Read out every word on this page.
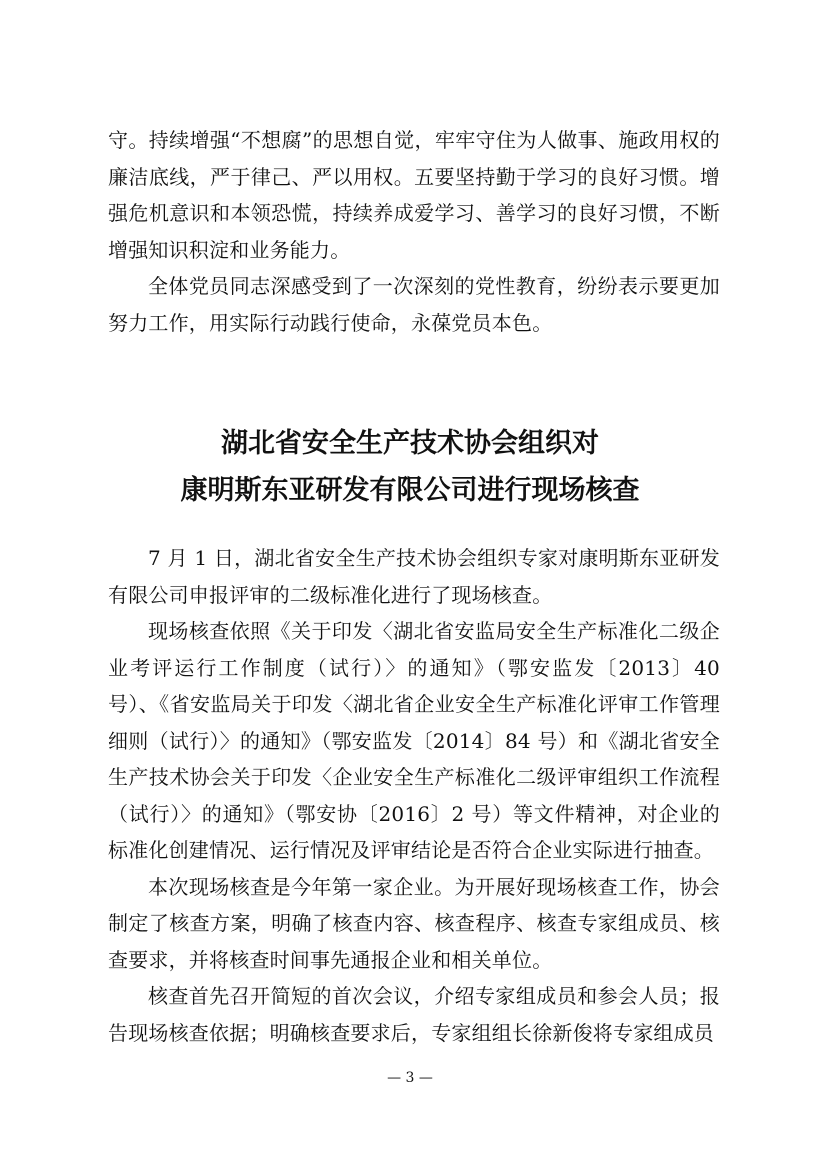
守。持续增强“不想腐”的思想自觉，牢牢守住为人做事、施政用权的廉洁底线，严于律己、严以用权。五要坚持勤于学习的良好习惯。增强危机意识和本领恐慌，持续养成爱学习、善学习的良好习惯，不断增强知识积淀和业务能力。

全体党员同志深感受到了一次深刻的党性教育，纷纷表示要更加努力工作，用实际行动践行使命，永葆党员本色。

湖北省安全生产技术协会组织对
康明斯东亚研发有限公司进行现场核查

7 月 1 日，湖北省安全生产技术协会组织专家对康明斯东亚研发有限公司申报评审的二级标准化进行了现场核查。

现场核查依照《关于印发〈湖北省安监局安全生产标准化二级企业考评运行工作制度（试行）〉的通知》（鄂安监发〔2013〕40 号）、《省安监局关于印发〈湖北省企业安全生产标准化评审工作管理细则（试行）〉的通知》（鄂安监发〔2014〕84 号）和《湖北省安全生产技术协会关于印发〈企业安全生产标准化二级评审组织工作流程（试行）〉的通知》（鄂安协〔2016〕2 号）等文件精神，对企业的标准化创建情况、运行情况及评审结论是否符合企业实际进行抽查。

本次现场核查是今年第一家企业。为开展好现场核查工作，协会制定了核查方案，明确了核查内容、核查程序、核查专家组成员、核查要求，并将核查时间事先通报企业和相关单位。

核查首先召开简短的首次会议，介绍专家组成员和参会人员；报告现场核查依据；明确核查要求后，专家组组长徐新俊将专家组成员

— 3 —
